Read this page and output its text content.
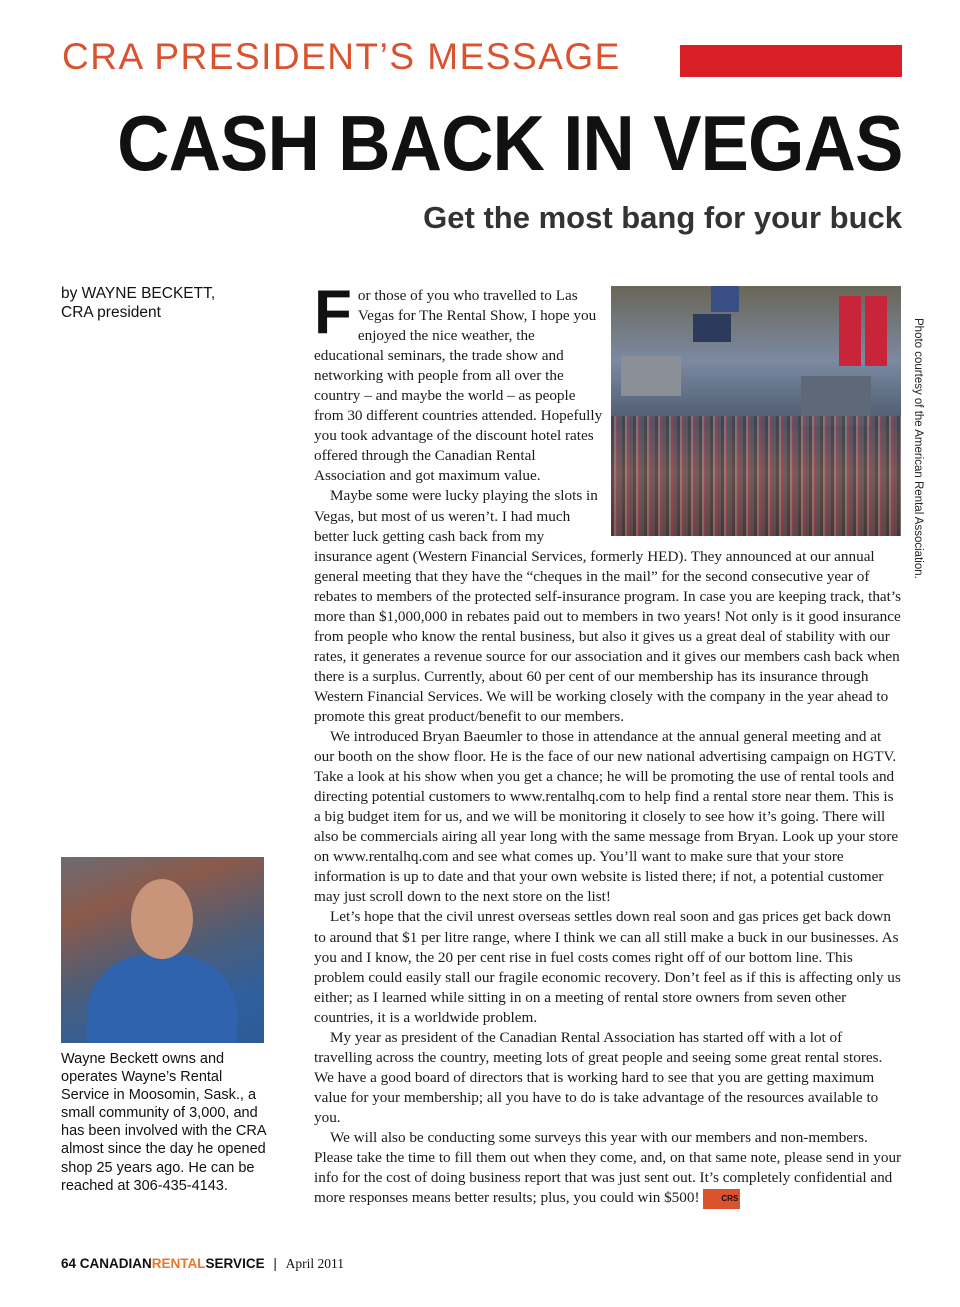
CRA PRESIDENT’S MESSAGE
CASH BACK IN VEGAS
Get the most bang for your buck
by WAYNE BECKETT,
CRA president
Photo courtesy of the American Rental Association.

For those of you who travelled to Las Vegas for The Rental Show, I hope you enjoyed the nice weather, the educational seminars, the trade show and networking with people from all over the country – and maybe the world – as people from 30 different countries attended. Hopefully you took advantage of the discount hotel rates offered through the Canadian Rental Association and got maximum value.

Maybe some were lucky playing the slots in Vegas, but most of us weren’t. I had much better luck getting cash back from my insurance agent (Western Financial Services, formerly HED). They announced at our annual general meeting that they have the “cheques in the mail” for the second consecutive year of rebates to members of the protected self-insurance program. In case you are keeping track, that’s more than $1,000,000 in rebates paid out to members in two years! Not only is it good insurance from people who know the rental business, but also it gives us a great deal of stability with our rates, it generates a revenue source for our association and it gives our members cash back when there is a surplus. Currently, about 60 per cent of our membership has its insurance through Western Financial Services. We will be working closely with the company in the year ahead to promote this great product/benefit to our members.

We introduced Bryan Baeumler to those in attendance at the annual general meeting and at our booth on the show floor. He is the face of our new national advertising campaign on HGTV. Take a look at his show when you get a chance; he will be promoting the use of rental tools and directing potential customers to www.rentalhq.com to help find a rental store near them. This is a big budget item for us, and we will be monitoring it closely to see how it’s going. There will also be commercials airing all year long with the same message from Bryan. Look up your store on www.rentalhq.com and see what comes up. You’ll want to make sure that your store information is up to date and that your own website is listed there; if not, a potential customer may just scroll down to the next store on the list!

Let’s hope that the civil unrest overseas settles down real soon and gas prices get back down to around that $1 per litre range, where I think we can all still make a buck in our businesses. As you and I know, the 20 per cent rise in fuel costs comes right off of our bottom line. This problem could easily stall our fragile economic recovery. Don’t feel as if this is affecting only us either; as I learned while sitting in on a meeting of rental store owners from seven other countries, it is a worldwide problem.

My year as president of the Canadian Rental Association has started off with a lot of travelling across the country, meeting lots of great people and seeing some great rental stores. We have a good board of directors that is working hard to see that you are getting maximum value for your membership; all you have to do is take advantage of the resources available to you.

We will also be conducting some surveys this year with our members and non-members. Please take the time to fill them out when they come, and, on that same note, please send in your info for the cost of doing business report that was just sent out. It’s completely confidential and more responses means better results; plus, you could win $500!	CRS

Wayne Beckett owns and operates Wayne’s Rental Service in Moosomin, Sask., a small community of 3,000, and has been involved with the CRA almost since the day he opened shop 25 years ago. He can be reached at 306-435-4143.
64 CANADIANRENTALSERVICE | April 2011
